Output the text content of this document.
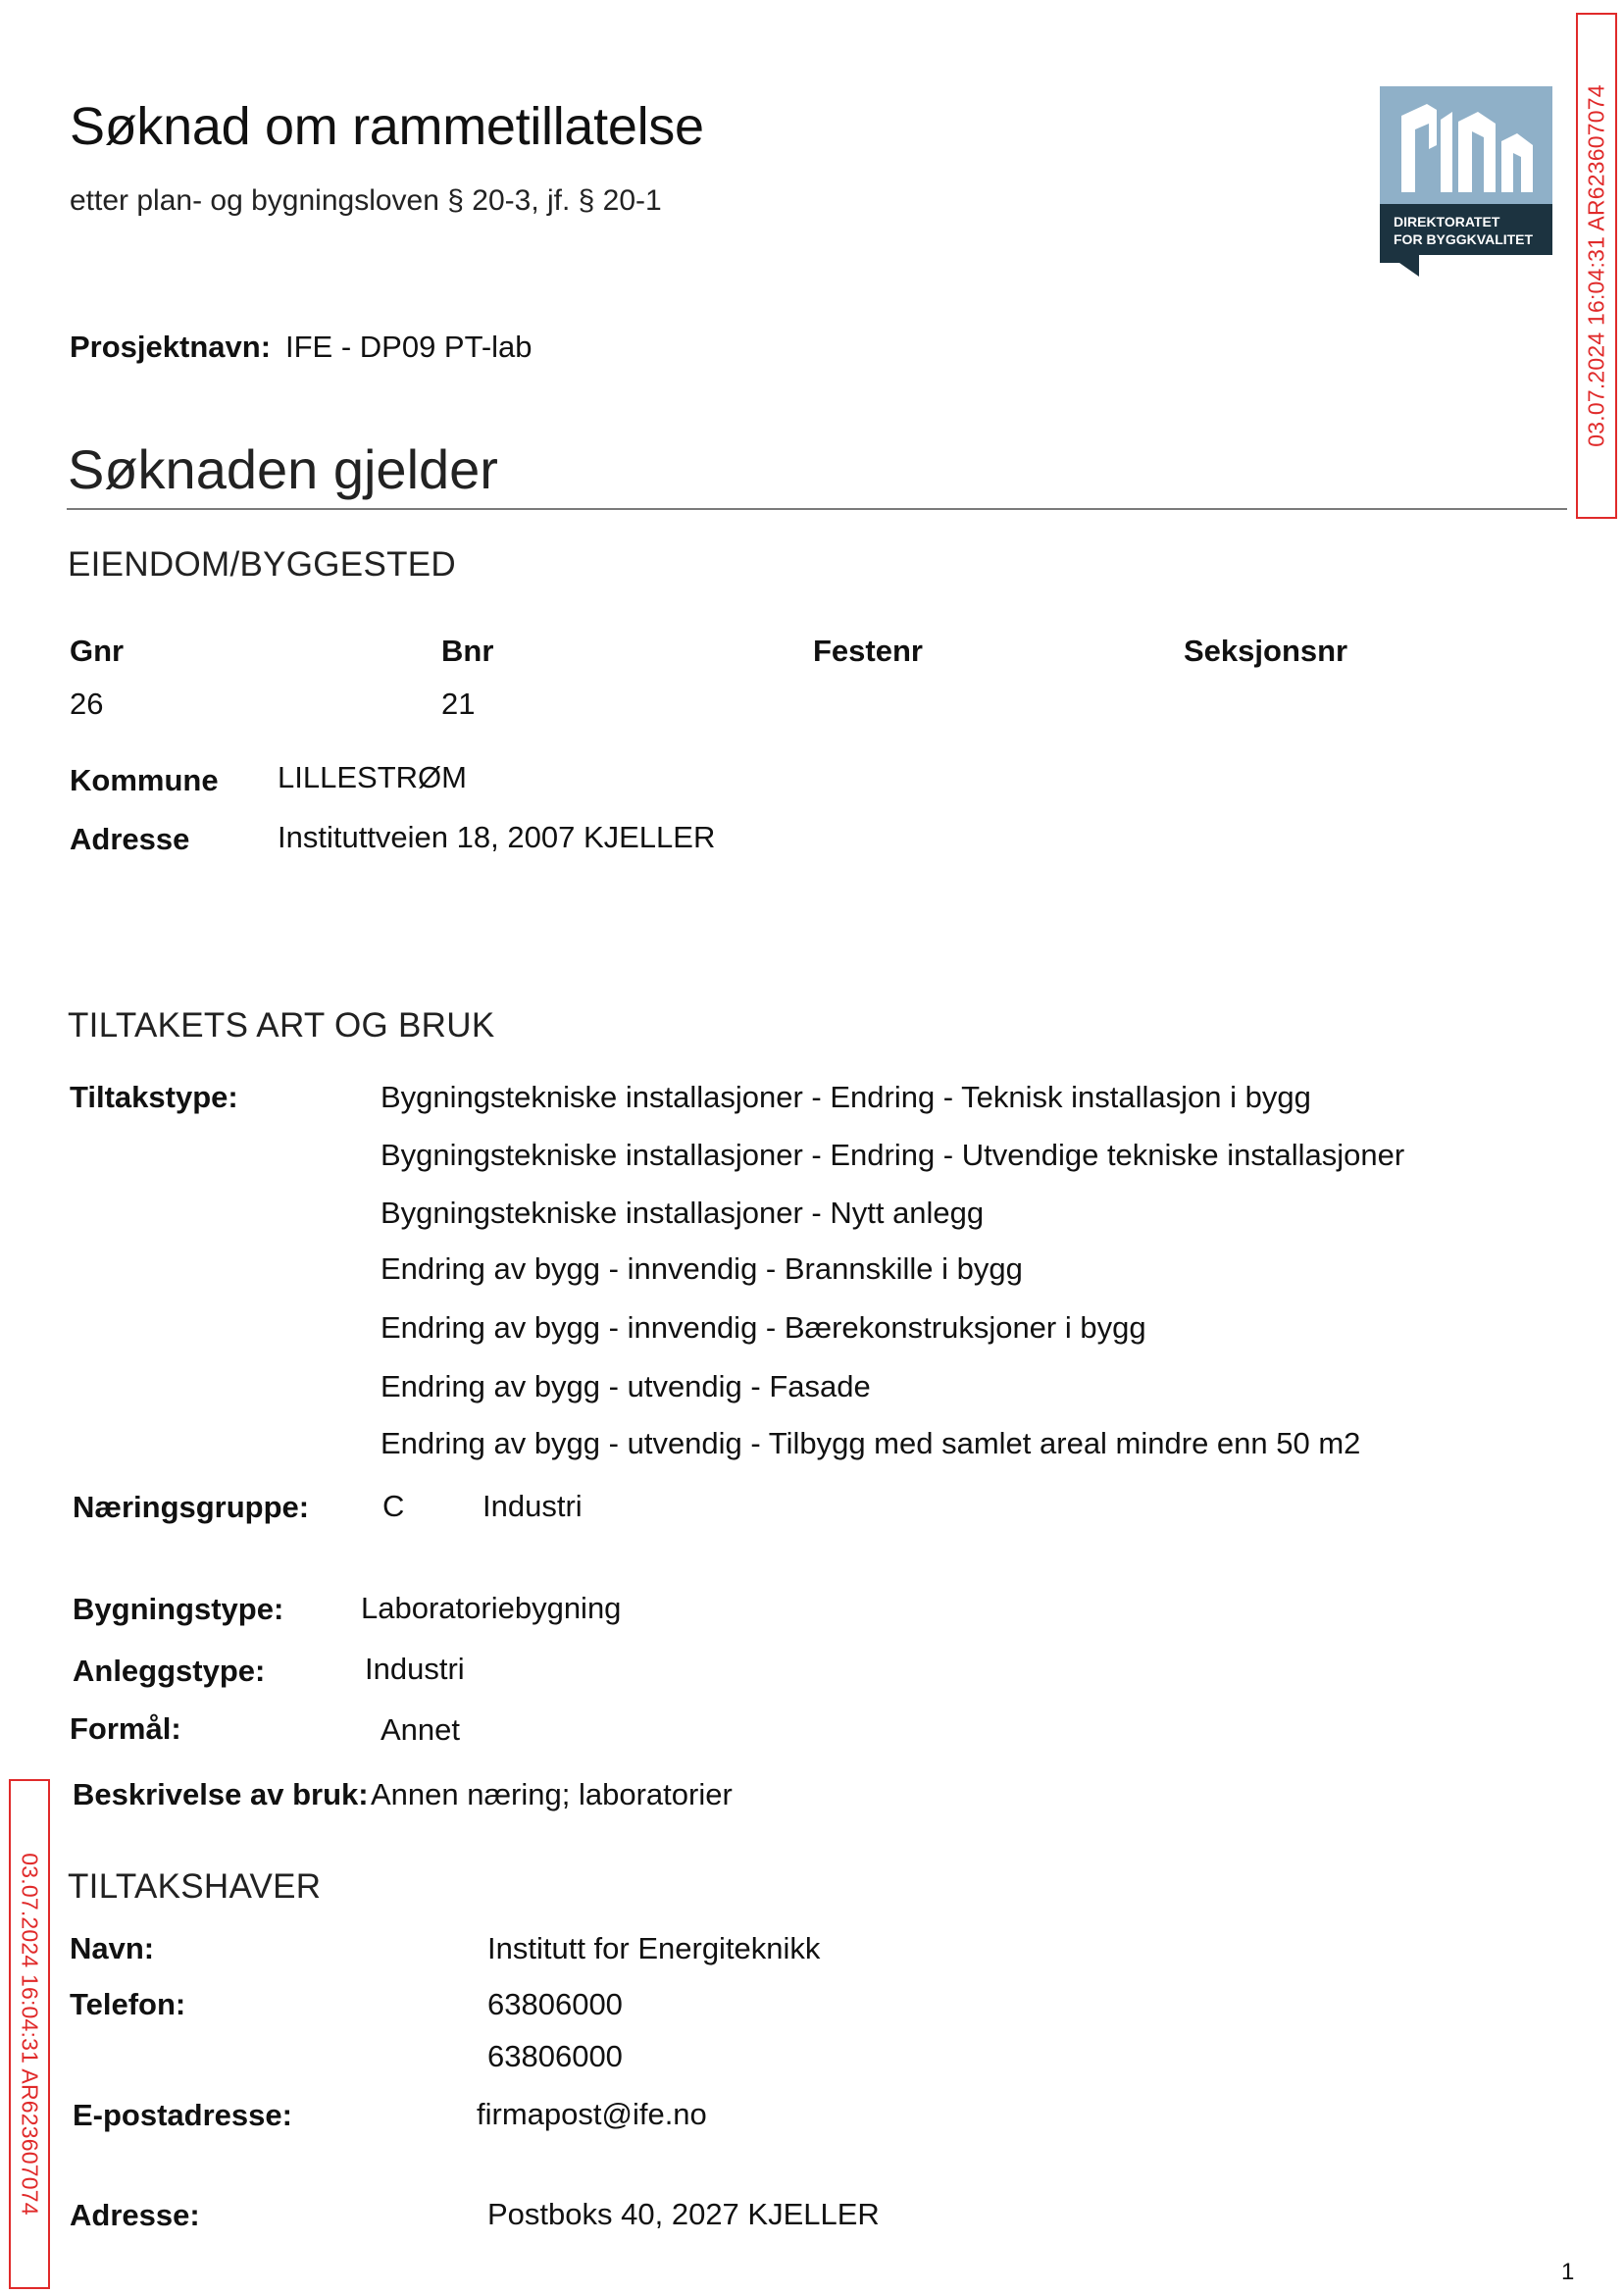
Søknad om rammetillatelse
etter plan- og bygningsloven § 20-3, jf. § 20-1
DIREKTORATET
FOR BYGGKVALITET 03.07.2024 16:04:31 AR623607074
03.07.2024 16:04:31 AR623607074
Prosjektnavn: IFE - DP09 PT-lab
Søknaden gjelder
EIENDOM/BYGGESTED
Gnr	Bnr	Festenr	Seksjonsnr
26	21
Kommune LILLESTRØM
Adresse	Instituttveien 18, 2007 KJELLER
TILTAKETS ART OG BRUK
Tiltakstype:	Bygningstekniske installasjoner - Endring - Teknisk installasjon i bygg
Bygningstekniske installasjoner - Endring - Utvendige tekniske installasjoner
Bygningstekniske installasjoner - Nytt anlegg
Endring av bygg - innvendig - Brannskille i bygg
Endring av bygg - innvendig - Bærekonstruksjoner i bygg
Endring av bygg - utvendig - Fasade
Endring av bygg - utvendig - Tilbygg med samlet areal mindre enn 50 m2
Næringsgruppe: C	Industri
Bygningstype:	Laboratoriebygning
Anleggstype:	Industri
Formål:	Annet
Beskrivelse av bruk: Annen næring; laboratorier
TILTAKSHAVER
Navn:	Institutt for Energiteknikk
Telefon:	63806000
63806000
E-postadresse:	firmapost@ife.no
Adresse:	Postboks 40, 2027 KJELLER
1
